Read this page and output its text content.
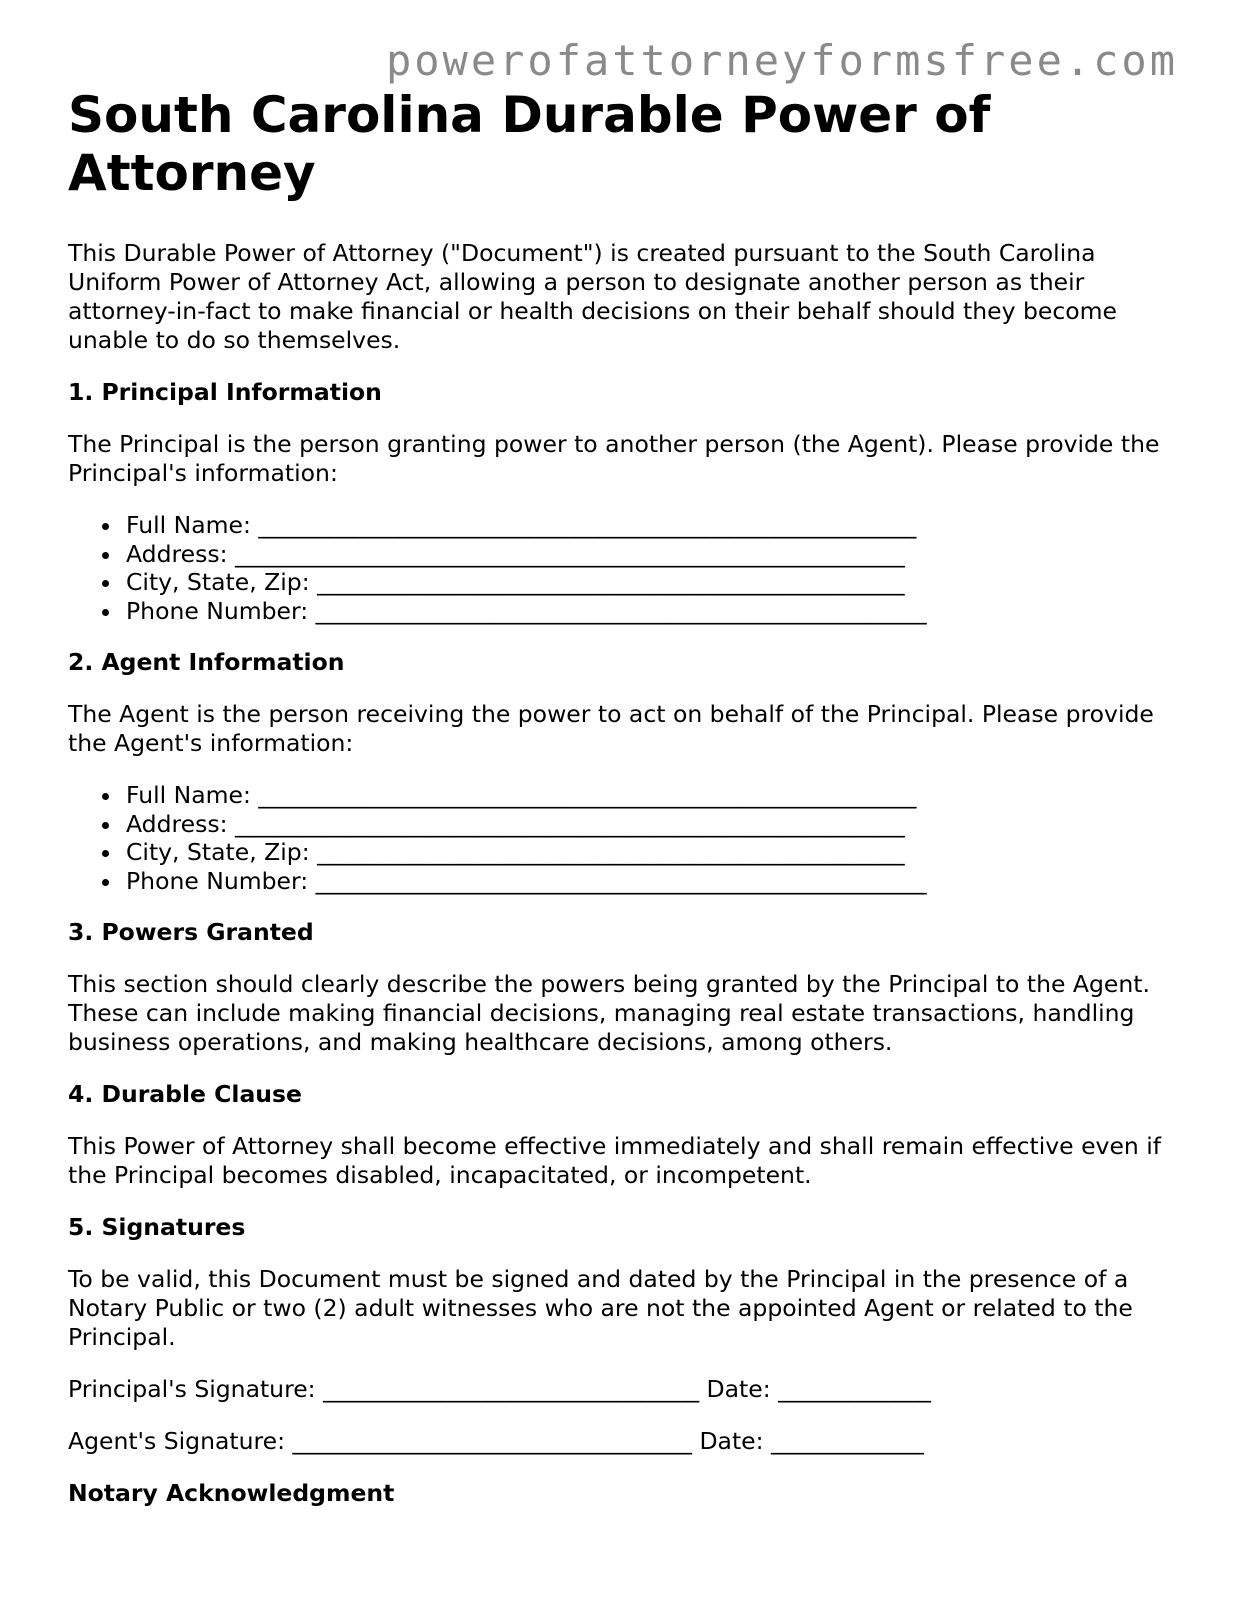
powerofattorneyformsfree.com
South Carolina Durable Power of Attorney

This Durable Power of Attorney ("Document") is created pursuant to the South Carolina Uniform Power of Attorney Act, allowing a person to designate another person as their attorney-in-fact to make financial or health decisions on their behalf should they become unable to do so themselves.

1. Principal Information

The Principal is the person granting power to another person (the Agent). Please provide the Principal's information:

Full Name: ________________________________________________________
Address: _________________________________________________________
City, State, Zip: __________________________________________________
Phone Number: ____________________________________________________
2. Agent Information

The Agent is the person receiving the power to act on behalf of the Principal. Please provide the Agent's information:

Full Name: ________________________________________________________
Address: _________________________________________________________
City, State, Zip: __________________________________________________
Phone Number: ____________________________________________________
3. Powers Granted

This section should clearly describe the powers being granted by the Principal to the Agent. These can include making financial decisions, managing real estate transactions, handling business operations, and making healthcare decisions, among others.

4. Durable Clause

This Power of Attorney shall become effective immediately and shall remain effective even if the Principal becomes disabled, incapacitated, or incompetent.

5. Signatures

To be valid, this Document must be signed and dated by the Principal in the presence of a Notary Public or two (2) adult witnesses who are not the appointed Agent or related to the Principal.

Principal's Signature: ________________________________ Date: _____________
Agent's Signature: __________________________________ Date: _____________
Notary Acknowledgment
